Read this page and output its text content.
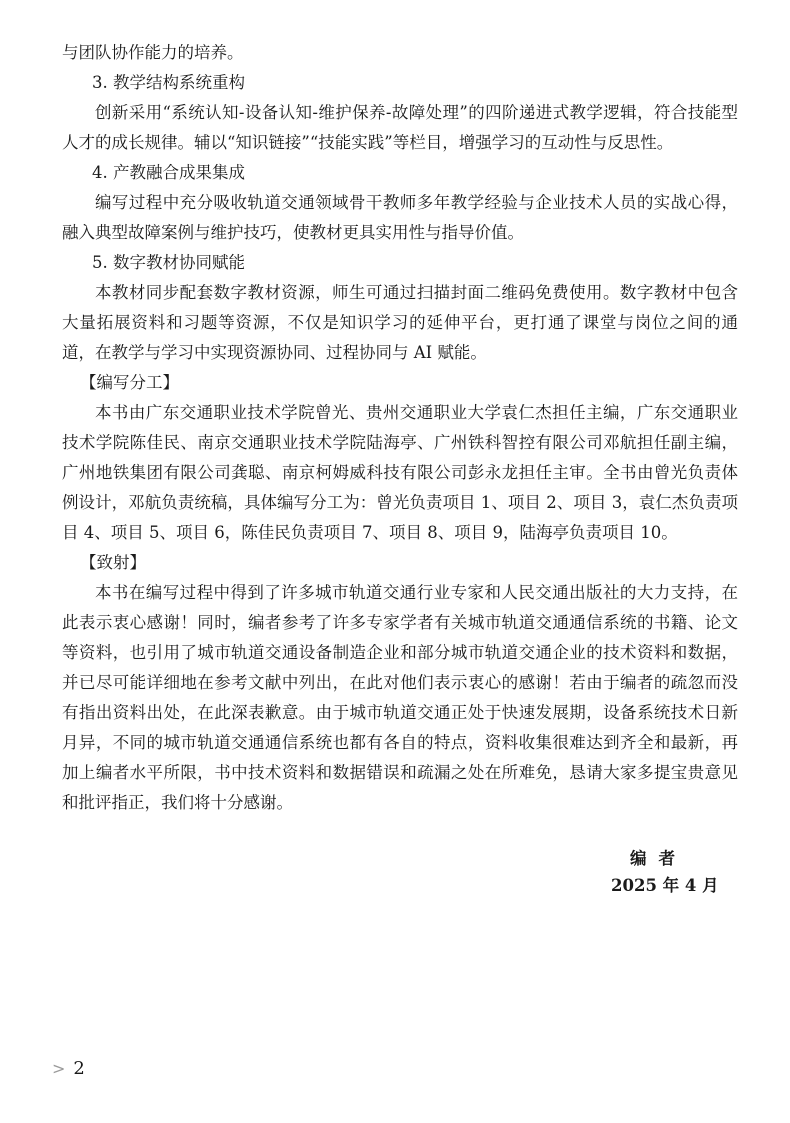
与团队协作能力的培养。

3. 教学结构系统重构

创新采用“系统认知-设备认知-维护保养-故障处理”的四阶递进式教学逻辑，符合技能型人才的成长规律。辅以“知识链接”“技能实践”等栏目，增强学习的互动性与反思性。

4. 产教融合成果集成

编写过程中充分吸收轨道交通领域骨干教师多年教学经验与企业技术人员的实战心得，融入典型故障案例与维护技巧，使教材更具实用性与指导价值。

5. 数字教材协同赋能

本教材同步配套数字教材资源，师生可通过扫描封面二维码免费使用。数字教材中包含大量拓展资料和习题等资源，不仅是知识学习的延伸平台，更打通了课堂与岗位之间的通道，在教学与学习中实现资源协同、过程协同与 AI 赋能。

【编写分工】

本书由广东交通职业技术学院曾光、贵州交通职业大学袁仁杰担任主编，广东交通职业技术学院陈佳民、南京交通职业技术学院陆海亭、广州铁科智控有限公司邓航担任副主编，广州地铁集团有限公司龚聪、南京柯姆威科技有限公司彭永龙担任主审。全书由曾光负责体例设计，邓航负责统稿，具体编写分工为：曾光负责项目 1、项目 2、项目 3，袁仁杰负责项目 4、项目 5、项目 6，陈佳民负责项目 7、项目 8、项目 9，陆海亭负责项目 10。

【致射】

本书在编写过程中得到了许多城市轨道交通行业专家和人民交通出版社的大力支持，在此表示衷心感谢！同时，编者参考了许多专家学者有关城市轨道交通通信系统的书籍、论文等资料，也引用了城市轨道交通设备制造企业和部分城市轨道交通企业的技术资料和数据，并已尽可能详细地在参考文献中列出，在此对他们表示衷心的感谢！若由于编者的疏忽而没有指出资料出处，在此深表歉意。由于城市轨道交通正处于快速发展期，设备系统技术日新月异，不同的城市轨道交通通信系统也都有各自的特点，资料收集很难达到齐全和最新，再加上编者水平所限，书中技术资料和数据错误和疏漏之处在所难免，恳请大家多提宝贵意见和批评指正，我们将十分感谢。

编者
2025 年 4 月
> 2
